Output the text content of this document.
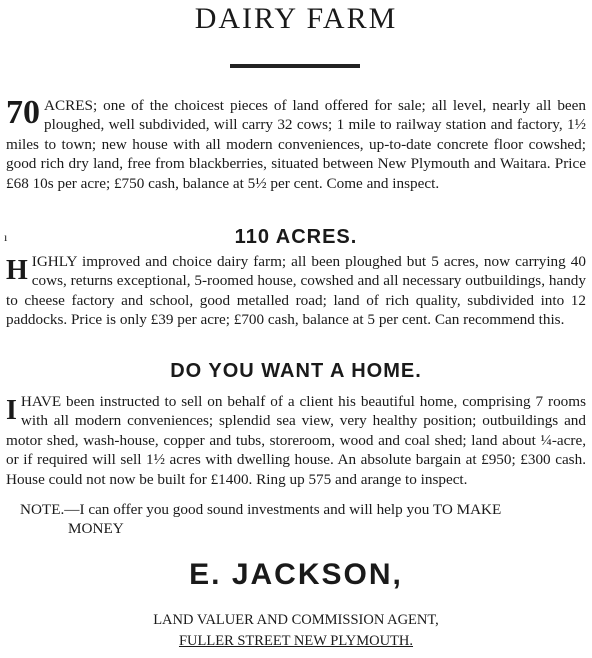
DAIRY FARM
70 ACRES; one of the choicest pieces of land offered for sale; all level, nearly all been ploughed, well subdivided, will carry 32 cows; 1 mile to railway station and factory, 1½ miles to town; new house with all modern conveniences, up-to-date concrete floor cowshed; good rich dry land, free from blackberries, situated between New Plymouth and Waitara. Price £68 10s per acre; £750 cash, balance at 5½ per cent. Come and inspect.
ı	110 ACRES.
H IGHLY improved and choice dairy farm; all been ploughed but 5 acres, now carrying 40 cows, returns exceptional, 5-roomed house, cowshed and all necessary outbuildings, handy to cheese factory and school, good metalled road; land of rich quality, subdivided into 12 paddocks. Price is only £39 per acre; £700 cash, balance at 5 per cent. Can recommend this.
DO YOU WANT A HOME.
I HAVE been instructed to sell on behalf of a client his beautiful home, comprising 7 rooms with all modern conveniences; splendid sea view, very healthy position; outbuildings and motor shed, wash-house, copper and tubs, storeroom, wood and coal shed; land about ¼-acre, or if required will sell 1½ acres with dwelling house. An absolute bargain at £950; £300 cash. House could not now be built for £1400. Ring up 575 and arange to inspect.
NOTE.—I can offer you good sound investments and will help you TO MAKE
MONEY
E. JACKSON,
LAND VALUER AND COMMISSION AGENT,
FULLER STREET NEW PLYMOUTH.
